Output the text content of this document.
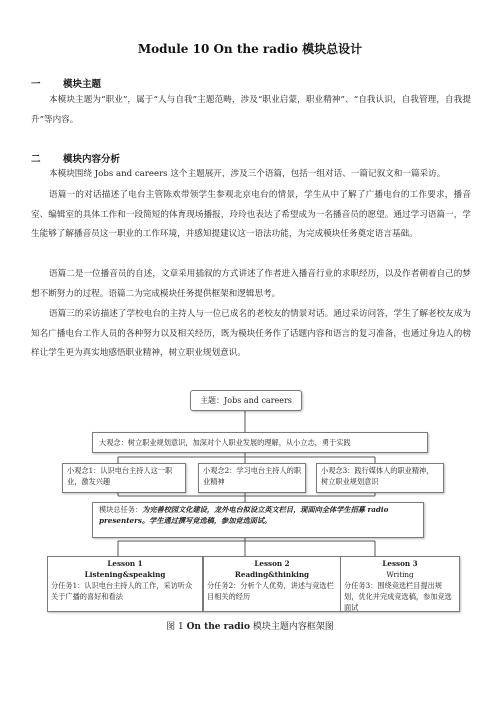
Module 10 On the radio 模块总设计
一 模块主题
本模块主题为“职业”，属于“人与自我”主题范畴，涉及“职业启蒙，职业精神”、“自我认识，自我管理，自我提升”等内容。
二 模块内容分析
本模块围绕 Jobs and careers 这个主题展开，涉及三个语篇，包括一组对话、一篇记叙文和一篇采访。
语篇一的对话描述了电台主管陈欢带领学生参观北京电台的情景，学生从中了解了广播电台的工作要求，播音室、编辑室的具体工作和一段简短的体育现场播报，玲玲也表达了希望成为一名播音员的愿望。通过学习语篇一，学生能够了解播音员这一职业的工作环境，并感知提建议这一语法功能，为完成模块任务奠定语言基础。
语篇二是一位播音员的自述，文章采用插叙的方式讲述了作者进入播音行业的求职经历，以及作者朝着自己的梦想不断努力的过程。语篇二为完成模块任务提供框架和逻辑思考。
语篇三的采访描述了学校电台的主持人与一位已成名的老校友的情景对话。通过采访问答，学生了解老校友成为知名广播电台工作人员的各种努力以及相关经历，既为模块任务作了话题内容和语言的复习准备，也通过身边人的榜样让学生更为真实地感悟职业精神，树立职业规划意识。
主题：Jobs and careers
大观念：树立职业规划意识，加深对个人职业发展的理解，从小立志，勇于实践
小观念1：认识电台主持人这一职业，激发兴趣
小观念2：学习电台主持人的职业精神
小观念3：践行媒体人的职业精神，树立职业规划意识
模块总任务：为完善校园文化建设，龙外电台拟设立英文栏目，现面向全体学生招募 radio presenters。学生通过撰写竞选稿，参加竞选面试。
Lesson 1
Listening&speaking
分任务1：认识电台主持人的工作，采访听众关于广播的喜好和看法
Lesson 2
Reading&thinking
分任务2：分析个人优势，讲述与竞选栏目相关的经历
Lesson 3
Writing
分任务3：围绕竞选栏目提出规划，优化并完成竞选稿，参加竞选面试
图 1 On the radio 模块主题内容框架图
